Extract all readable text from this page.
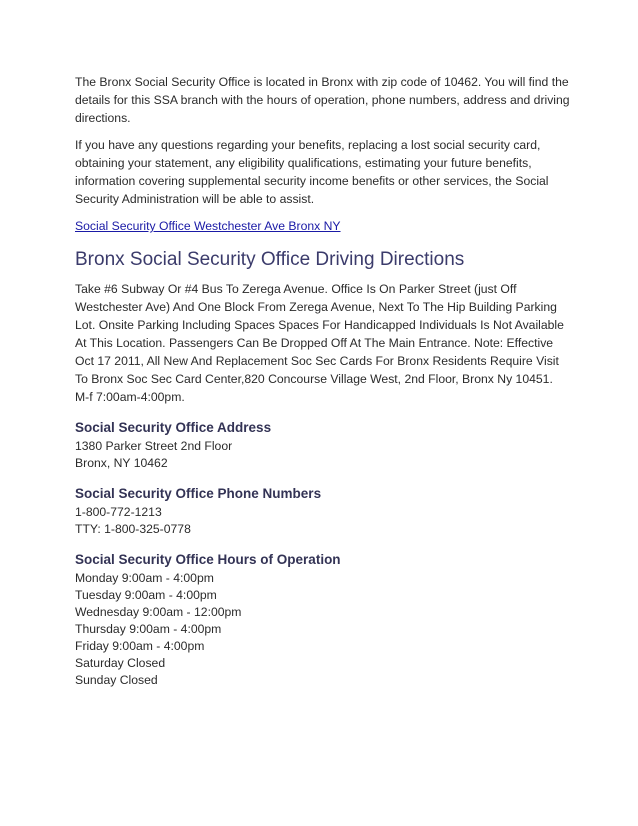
The Bronx Social Security Office is located in Bronx with zip code of 10462. You will find the details for this SSA branch with the hours of operation, phone numbers, address and driving directions.

If you have any questions regarding your benefits, replacing a lost social security card, obtaining your statement, any eligibility qualifications, estimating your future benefits, information covering supplemental security income benefits or other services, the Social Security Administration will be able to assist.

Social Security Office Westchester Ave Bronx NY
Bronx Social Security Office Driving Directions

Take #6 Subway Or #4 Bus To Zerega Avenue. Office Is On Parker Street (just Off Westchester Ave) And One Block From Zerega Avenue, Next To The Hip Building Parking Lot. Onsite Parking Including Spaces Spaces For Handicapped Individuals Is Not Available At This Location. Passengers Can Be Dropped Off At The Main Entrance. Note: Effective Oct 17 2011, All New And Replacement Soc Sec Cards For Bronx Residents Require Visit To Bronx Soc Sec Card Center,820 Concourse Village West, 2nd Floor, Bronx Ny 10451. M-f 7:00am-4:00pm.

Social Security Office Address
1380 Parker Street 2nd Floor
Bronx, NY 10462
Social Security Office Phone Numbers
1-800-772-1213
TTY: 1-800-325-0778
Social Security Office Hours of Operation
Monday 9:00am - 4:00pm
Tuesday 9:00am - 4:00pm
Wednesday 9:00am - 12:00pm
Thursday 9:00am - 4:00pm
Friday 9:00am - 4:00pm
Saturday Closed
Sunday Closed
